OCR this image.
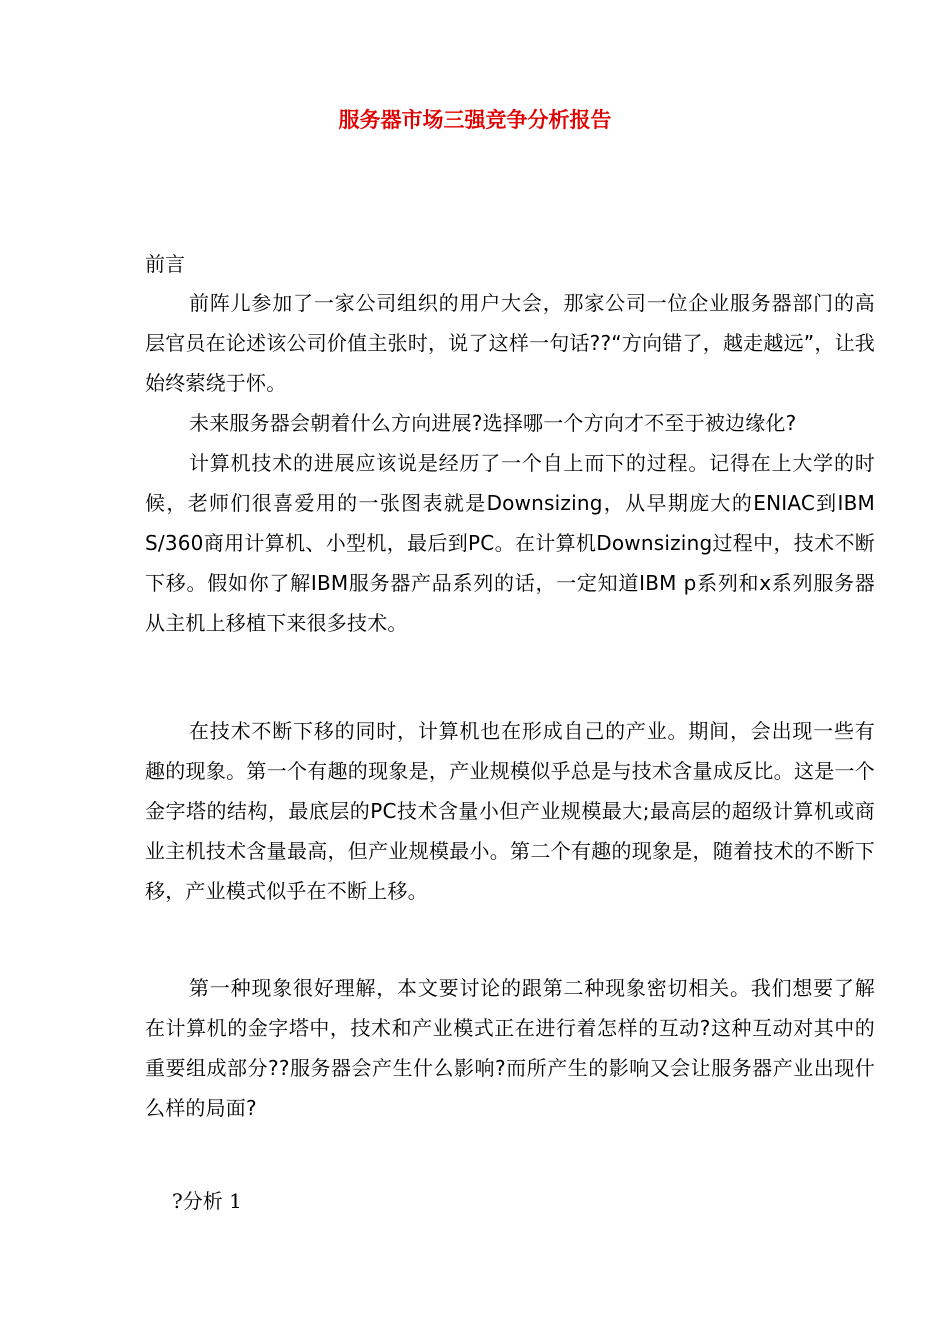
服务器市场三强竞争分析报告
前言

前阵儿参加了一家公司组织的用户大会，那家公司一位企业服务器部门的高层官员在论述该公司价值主张时，说了这样一句话??“方向错了，越走越远”，让我始终萦绕于怀。

未来服务器会朝着什么方向进展?选择哪一个方向才不至于被边缘化?

计算机技术的进展应该说是经历了一个自上而下的过程。记得在上大学的时候，老师们很喜爱用的一张图表就是Downsizing，从早期庞大的ENIAC到IBM S/360商用计算机、小型机，最后到PC。在计算机Downsizing过程中，技术不断下移。假如你了解IBM服务器产品系列的话，一定知道IBM p系列和x系列服务器从主机上移植下来很多技术。

在技术不断下移的同时，计算机也在形成自己的产业。期间，会出现一些有趣的现象。第一个有趣的现象是，产业规模似乎总是与技术含量成反比。这是一个金字塔的结构，最底层的PC技术含量小但产业规模最大;最高层的超级计算机或商业主机技术含量最高，但产业规模最小。第二个有趣的现象是，随着技术的不断下移，产业模式似乎在不断上移。

第一种现象很好理解，本文要讨论的跟第二种现象密切相关。我们想要了解在计算机的金字塔中，技术和产业模式正在进行着怎样的互动?这种互动对其中的重要组成部分??服务器会产生什么影响?而所产生的影响又会让服务器产业出现什么样的局面?

?分析 1
